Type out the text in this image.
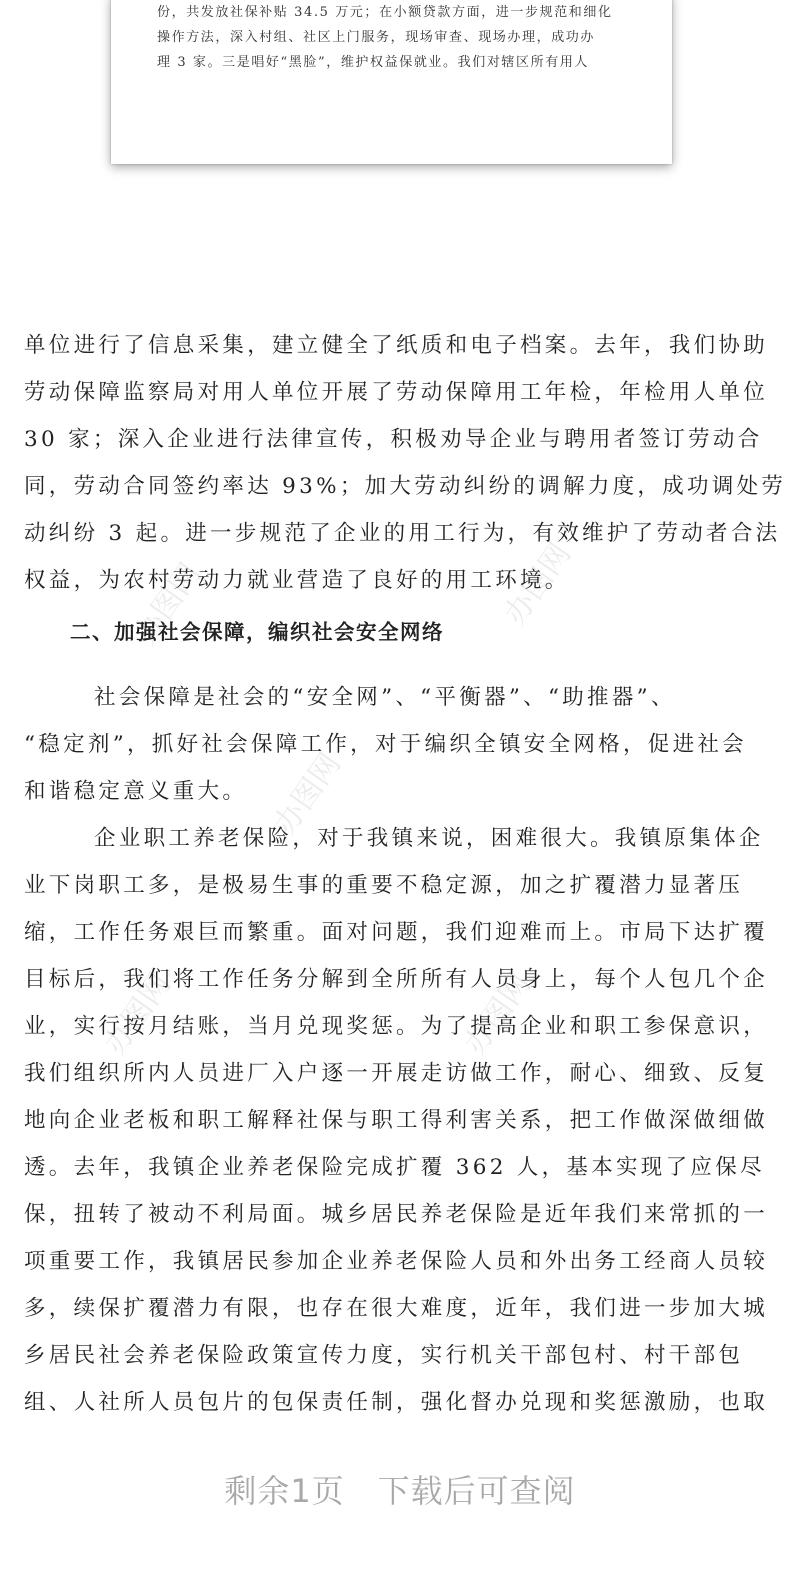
份，共发放社保补贴 34.5 万元；在小额贷款方面，进一步规范和细化
操作方法，深入村组、社区上门服务，现场审查、现场办理，成功办
理 3 家。三是唱好“黑脸”，维护权益保就业。我们对辖区所有用人
办图网	办图网
办图网
办图网	办图网
单位进行了信息采集，建立健全了纸质和电子档案。去年，我们协助
劳动保障监察局对用人单位开展了劳动保障用工年检，年检用人单位
30 家；深入企业进行法律宣传，积极劝导企业与聘用者签订劳动合
同，劳动合同签约率达 93%；加大劳动纠纷的调解力度，成功调处劳
动纠纷 3 起。进一步规范了企业的用工行为，有效维护了劳动者合法
权益，为农村劳动力就业营造了良好的用工环境。
二、加强社会保障，编织社会安全网络
社会保障是社会的“安全网”、“平衡器”、“助推器”、
“稳定剂”，抓好社会保障工作，对于编织全镇安全网格，促进社会
和谐稳定意义重大。
企业职工养老保险，对于我镇来说，困难很大。我镇原集体企
业下岗职工多，是极易生事的重要不稳定源，加之扩覆潜力显著压
缩，工作任务艰巨而繁重。面对问题，我们迎难而上。市局下达扩覆
目标后，我们将工作任务分解到全所所有人员身上，每个人包几个企
业，实行按月结账，当月兑现奖惩。为了提高企业和职工参保意识，
我们组织所内人员进厂入户逐一开展走访做工作，耐心、细致、反复
地向企业老板和职工解释社保与职工得利害关系，把工作做深做细做
透。去年，我镇企业养老保险完成扩覆 362 人，基本实现了应保尽
保，扭转了被动不利局面。城乡居民养老保险是近年我们来常抓的一
项重要工作，我镇居民参加企业养老保险人员和外出务工经商人员较
多，续保扩覆潜力有限，也存在很大难度，近年，我们进一步加大城
乡居民社会养老保险政策宣传力度，实行机关干部包村、村干部包
组、人社所人员包片的包保责任制，强化督办兑现和奖惩激励，也取
剩余1页　下载后可查阅
